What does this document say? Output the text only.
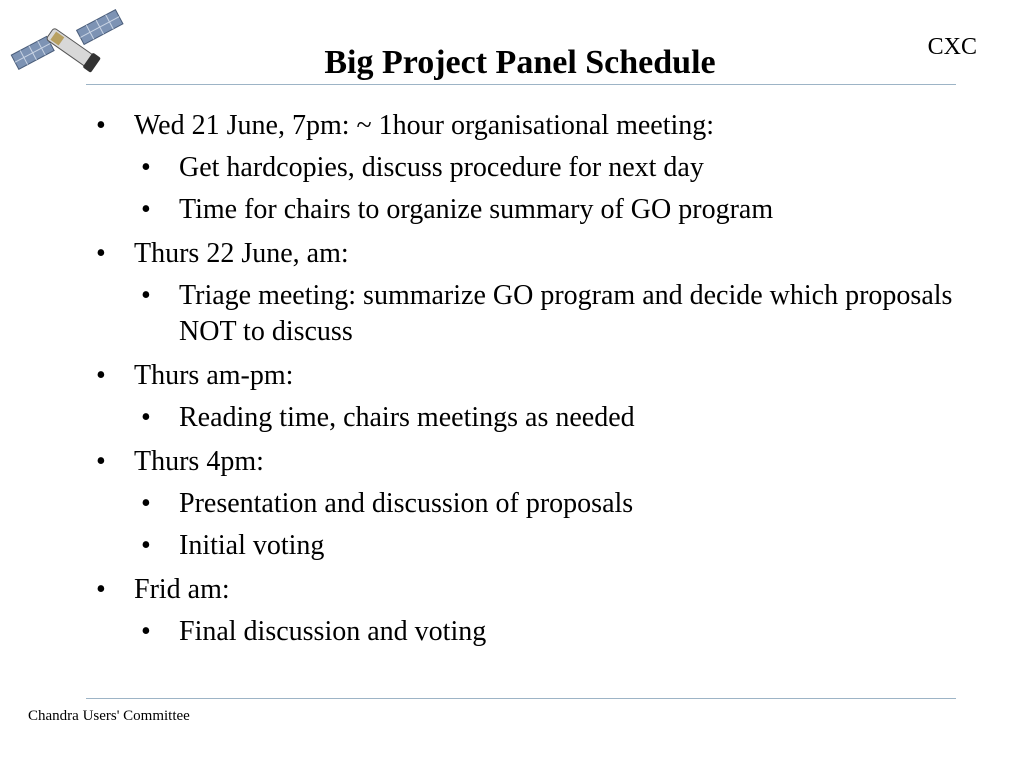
CXC
Big Project Panel Schedule
•	Wed 21 June, 7pm: ~ 1hour organisational meeting:
•	Get hardcopies, discuss procedure for next day
•	Time for chairs to organize summary of GO program
•	Thurs 22 June, am:
•	Triage meeting: summarize GO program and decide which proposals NOT to discuss
•	Thurs am-pm:
•	Reading time, chairs meetings as needed
•	Thurs 4pm:
•	Presentation and discussion of proposals
•	Initial voting
•	Frid am:
•	Final discussion and voting
Chandra Users' Committee
